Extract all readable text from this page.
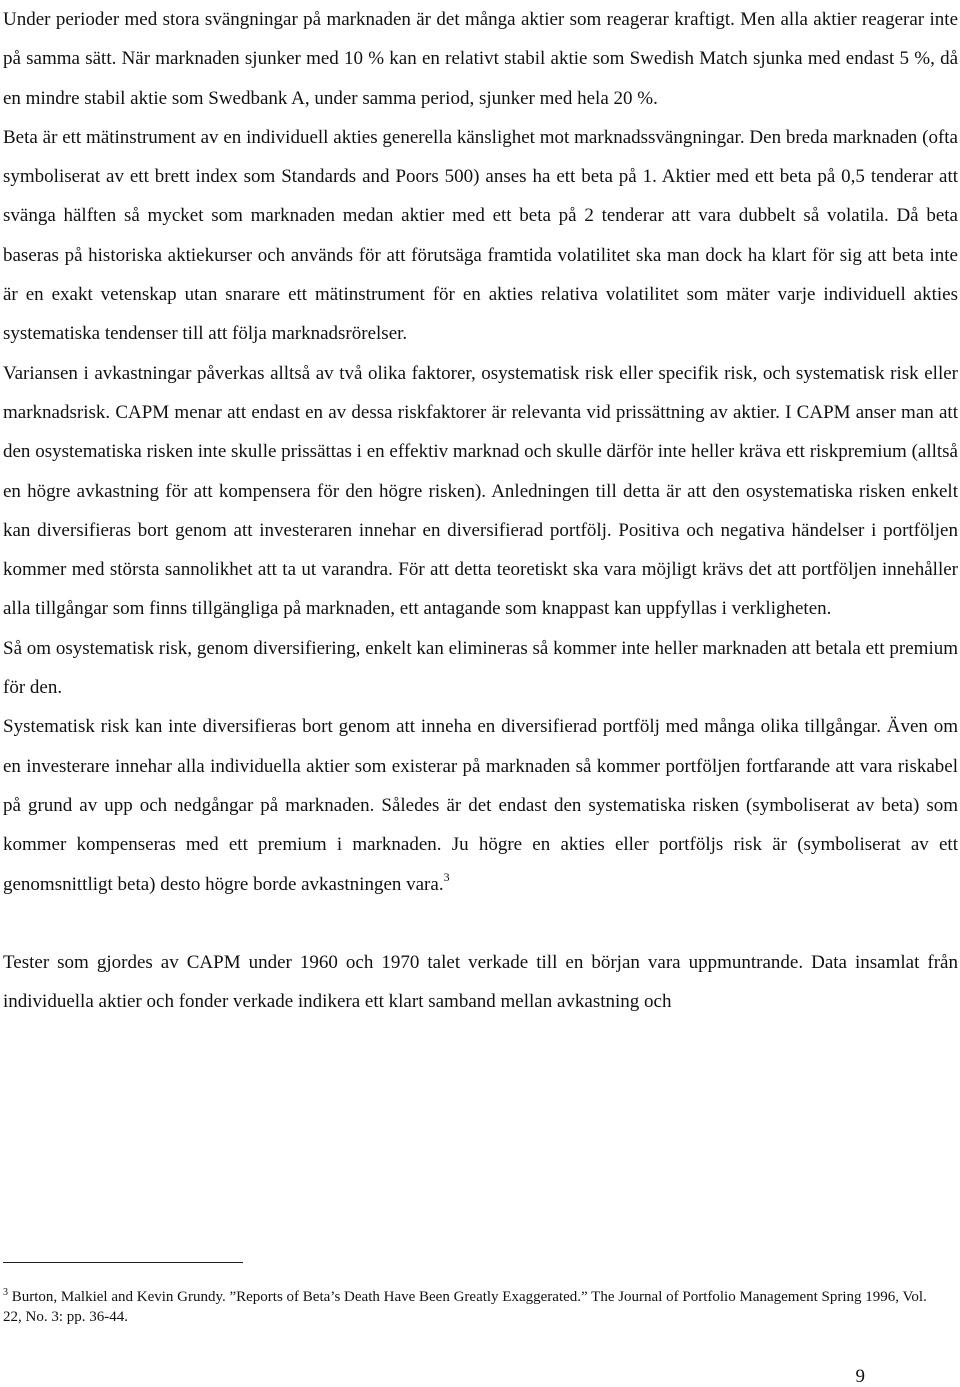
Under perioder med stora svängningar på marknaden är det många aktier som reagerar kraftigt. Men alla aktier reagerar inte på samma sätt. När marknaden sjunker med 10 % kan en relativt stabil aktie som Swedish Match sjunka med endast 5 %, då en mindre stabil aktie som Swedbank A, under samma period, sjunker med hela 20 %.

Beta är ett mätinstrument av en individuell akties generella känslighet mot marknadssvängningar. Den breda marknaden (ofta symboliserat av ett brett index som Standards and Poors 500) anses ha ett beta på 1. Aktier med ett beta på 0,5 tenderar att svänga hälften så mycket som marknaden medan aktier med ett beta på 2 tenderar att vara dubbelt så volatila. Då beta baseras på historiska aktiekurser och används för att förutsäga framtida volatilitet ska man dock ha klart för sig att beta inte är en exakt vetenskap utan snarare ett mätinstrument för en akties relativa volatilitet som mäter varje individuell akties systematiska tendenser till att följa marknadsrörelser.

Variansen i avkastningar påverkas alltså av två olika faktorer, osystematisk risk eller specifik risk, och systematisk risk eller marknadsrisk. CAPM menar att endast en av dessa riskfaktorer är relevanta vid prissättning av aktier. I CAPM anser man att den osystematiska risken inte skulle prissättas i en effektiv marknad och skulle därför inte heller kräva ett riskpremium (alltså en högre avkastning för att kompensera för den högre risken). Anledningen till detta är att den osystematiska risken enkelt kan diversifieras bort genom att investeraren innehar en diversifierad portfölj. Positiva och negativa händelser i portföljen kommer med största sannolikhet att ta ut varandra. För att detta teoretiskt ska vara möjligt krävs det att portföljen innehåller alla tillgångar som finns tillgängliga på marknaden, ett antagande som knappast kan uppfyllas i verkligheten.

Så om osystematisk risk, genom diversifiering, enkelt kan elimineras så kommer inte heller marknaden att betala ett premium för den.

Systematisk risk kan inte diversifieras bort genom att inneha en diversifierad portfölj med många olika tillgångar. Även om en investerare innehar alla individuella aktier som existerar på marknaden så kommer portföljen fortfarande att vara riskabel på grund av upp och nedgångar på marknaden. Således är det endast den systematiska risken (symboliserat av beta) som kommer kompenseras med ett premium i marknaden. Ju högre en akties eller portföljs risk är (symboliserat av ett genomsnittligt beta) desto högre borde avkastningen vara.$^3$

Tester som gjordes av CAPM under 1960 och 1970 talet verkade till en början vara uppmuntrande. Data insamlat från individuella aktier och fonder verkade indikera ett klart samband mellan avkastning och

$^3$ Burton, Malkiel and Kevin Grundy. ”Reports of Beta’s Death Have Been Greatly Exaggerated.” The Journal of Portfolio Management Spring 1996, Vol. 22, No. 3: pp. 36-44.
9
